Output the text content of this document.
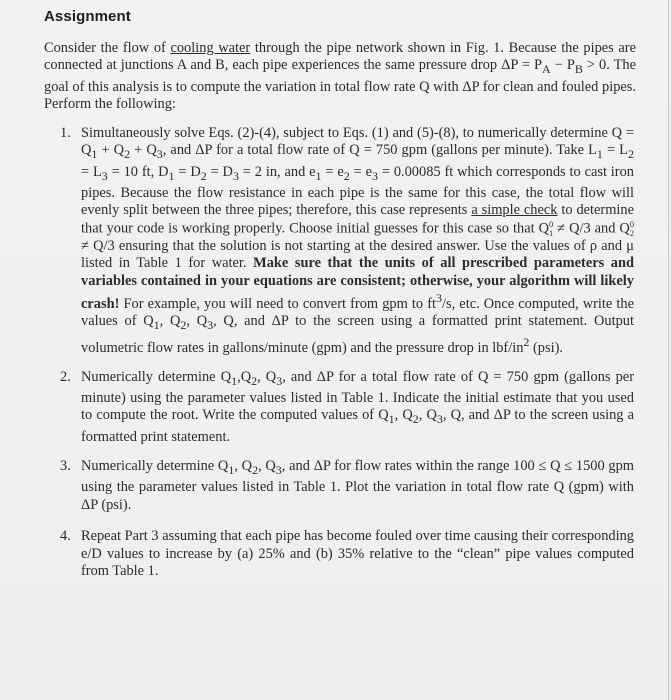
Assignment
Consider the flow of cooling water through the pipe network shown in Fig. 1. Because the pipes are connected at junctions A and B, each pipe experiences the same pressure drop $\Delta P = P_A - P_B > 0$. The goal of this analysis is to compute the variation in total flow rate Q with ΔP for clean and fouled pipes. Perform the following:
1. Simultaneously solve Eqs. (2)-(4), subject to Eqs. (1) and (5)-(8), to numerically determine $Q = Q_1 + Q_2 + Q_3$, and ΔP for a total flow rate of Q = 750 gpm (gallons per minute). Take $L_1 = L_2 = L_3 = 10$ ft, $D_1 = D_2 = D_3 = 2$ in, and $e_1 = e_2 = e_3 = 0.00085$ ft which corresponds to cast iron pipes. Because the flow resistance in each pipe is the same for this case, the total flow will evenly split between the three pipes; therefore, this case represents a simple check to determine that your code is working properly. Choose initial guesses for this case so that Q 0
1 ≠ Q/3 and Q 0
2
≠ Q/3 ensuring that the solution is not starting at the desired answer. Use the values of ρ and μ listed in Table 1 for water. Make sure that the units of all prescribed parameters and variables contained in your equations are consistent; otherwise, your algorithm will likely crash! For example, you will need to convert from gpm to $ft^3/s$, etc. Once computed, write the values of $Q_1$, $Q_2$, $Q_3$, Q, and ΔP to the screen using a formatted print statement. Output volumetric flow rates in gallons/minute (gpm) and the pressure drop in lbf/$in^2$ (psi).
2. Numerically determine $Q_1,Q_2$, $Q_3$, and ΔP for a total flow rate of Q = 750 gpm (gallons per minute) using the parameter values listed in Table 1. Indicate the initial estimate that you used to compute the root. Write the computed values of $Q_1$, $Q_2$, $Q_3$, Q, and ΔP to the screen using a formatted print statement.
3. Numerically determine $Q_1$, $Q_2$, $Q_3$, and ΔP for flow rates within the range 100 ≤ Q ≤ 1500 gpm using the parameter values listed in Table 1. Plot the variation in total flow rate Q (gpm) with ΔP (psi).
4. Repeat Part 3 assuming that each pipe has become fouled over time causing their corresponding e/D values to increase by (a) 25% and (b) 35% relative to the “clean” pipe values computed from Table 1.
